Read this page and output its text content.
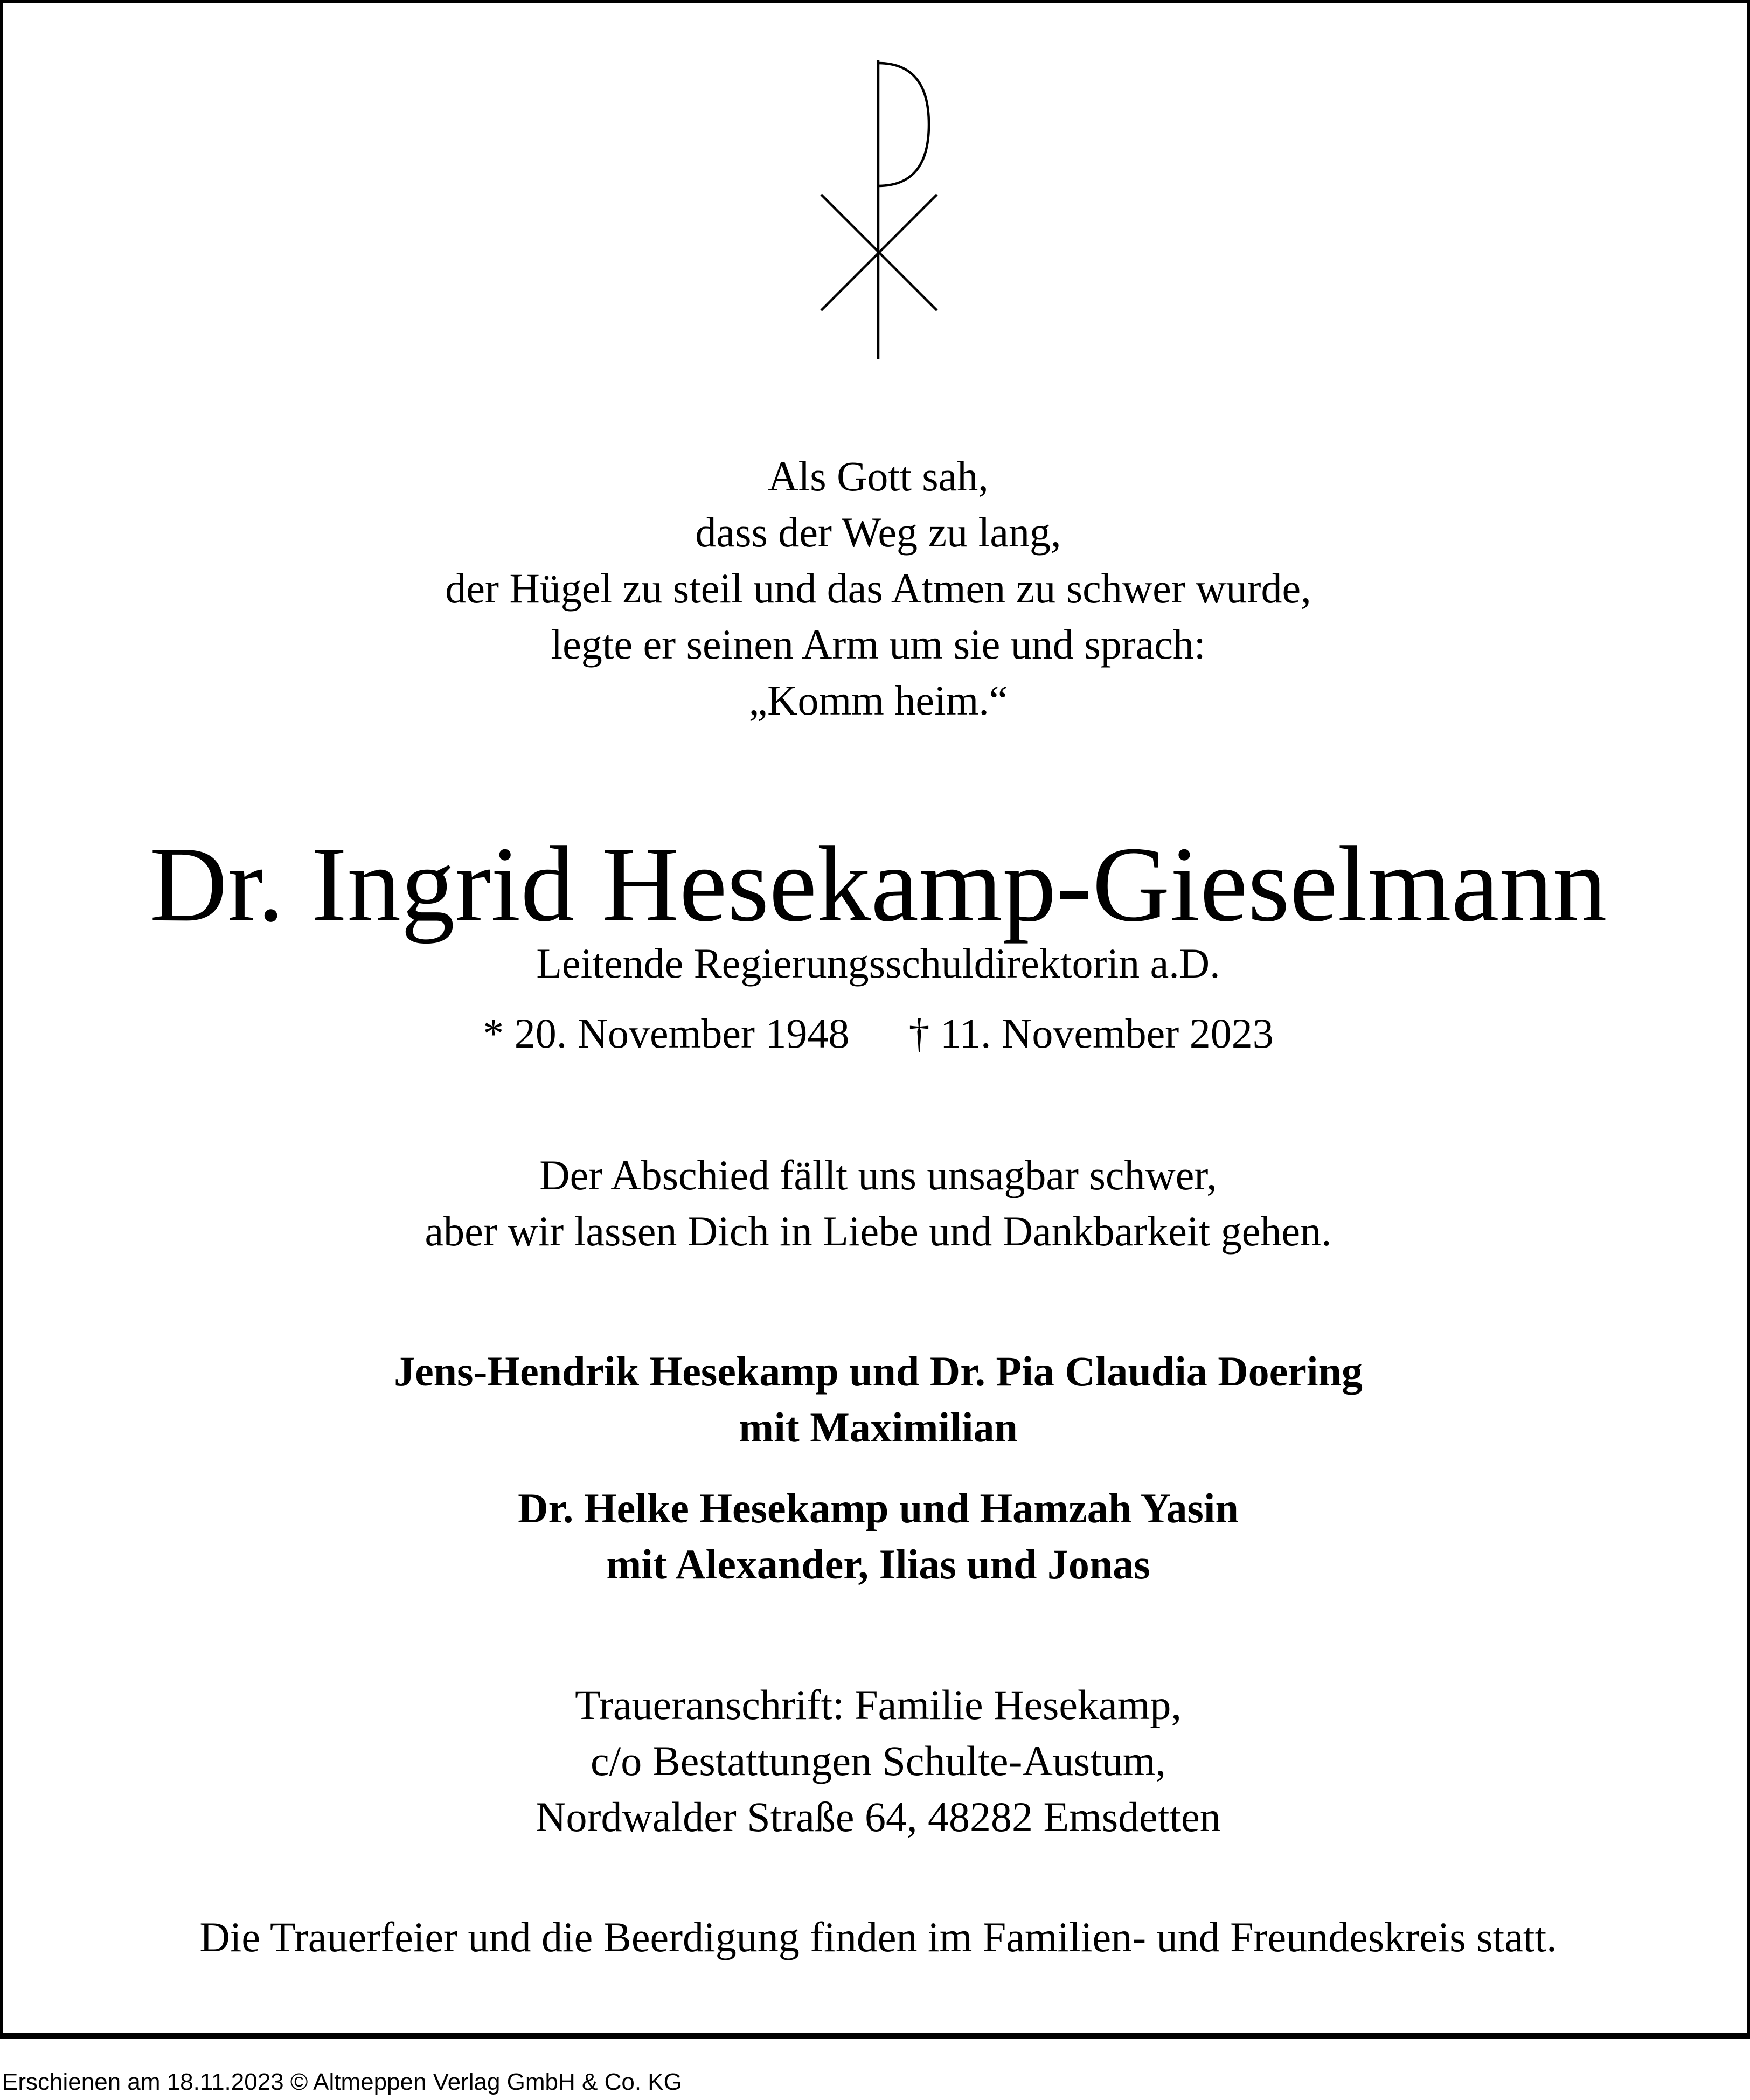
Als Gott sah,
dass der Weg zu lang,
der Hügel zu steil und das Atmen zu schwer wurde,
legte er seinen Arm um sie und sprach:
„Komm heim.“
Dr. Ingrid Hesekamp-Gieselmann
Leitende Regierungsschuldirektorin a.D.
* 20. November 1948 † 11. November 2023
Der Abschied fällt uns unsagbar schwer,
aber wir lassen Dich in Liebe und Dankbarkeit gehen.
Jens-Hendrik Hesekamp und Dr. Pia Claudia Doering
mit Maximilian
Dr. Helke Hesekamp und Hamzah Yasin
mit Alexander, Ilias und Jonas
Traueranschrift: Familie Hesekamp,
c/o Bestattungen Schulte-Austum,
Nordwalder Straße 64, 48282 Emsdetten
Die Trauerfeier und die Beerdigung finden im Familien- und Freundeskreis statt.
Erschienen am 18.11.2023 © Altmeppen Verlag GmbH & Co. KG
